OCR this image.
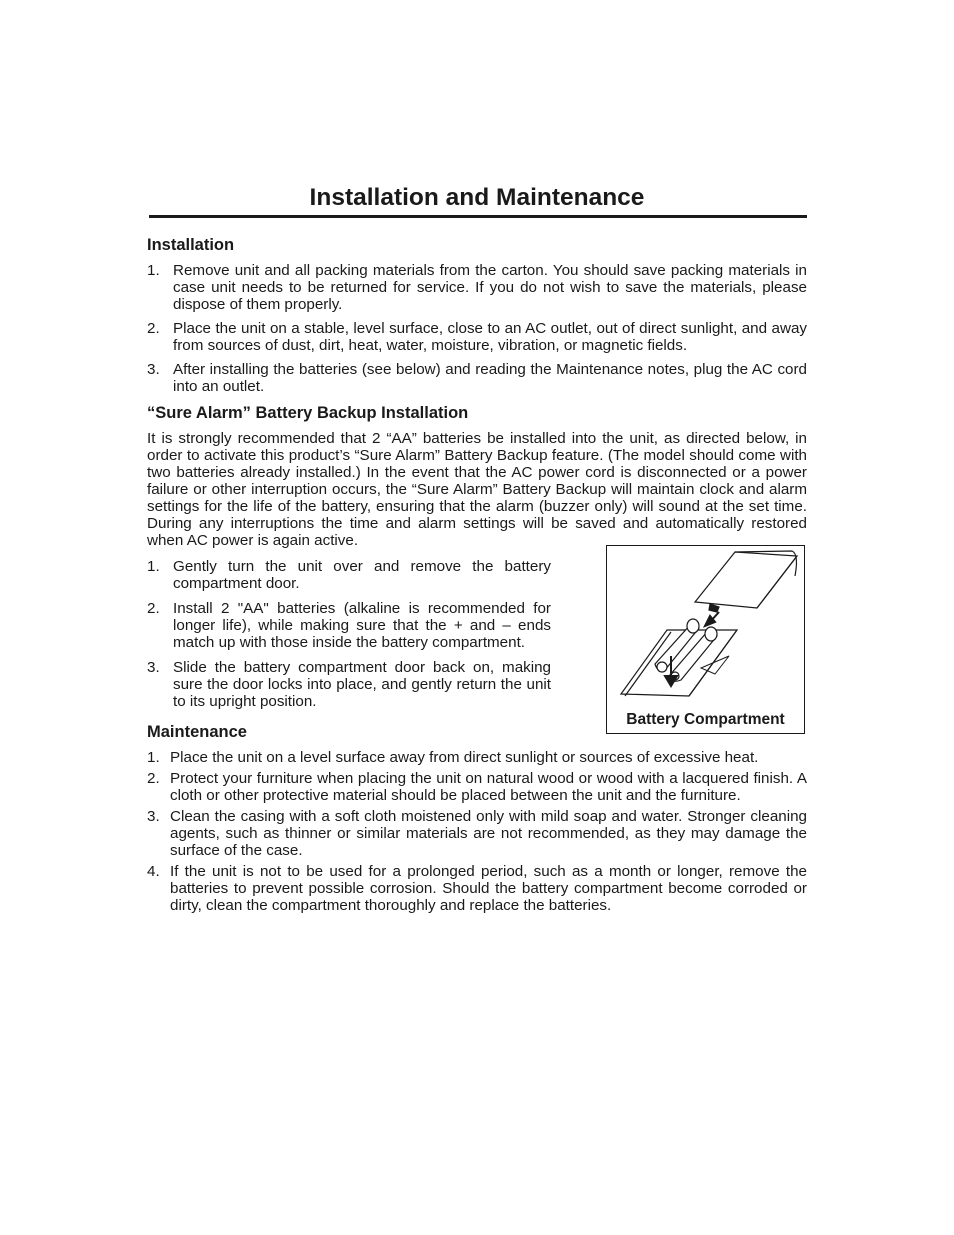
Installation and Maintenance
Installation
1. Remove unit and all packing materials from the carton. You should save packing materials in case unit needs to be returned for service. If you do not wish to save the materials, please dispose of them properly.
2. Place the unit on a stable, level surface, close to an AC outlet, out of direct sunlight, and away from sources of dust, dirt, heat, water, moisture, vibration, or magnetic fields.
3. After installing the batteries (see below) and reading the Maintenance notes, plug the AC cord into an outlet.
“Sure Alarm” Battery Backup Installation

It is strongly recommended that 2 “AA” batteries be installed into the unit, as directed below, in order to activate this product’s “Sure Alarm” Battery Backup feature. (The model should come with two batteries already installed.) In the event that the AC power cord is disconnected or a power failure or other interruption occurs, the “Sure Alarm” Battery Backup will maintain clock and alarm settings for the life of the battery, ensuring that the alarm (buzzer only) will sound at the set time. During any interruptions the time and alarm settings will be saved and automatically restored when AC power is again active.

1. Gently turn the unit over and remove the battery compartment door.
2. Install 2 "AA" batteries (alkaline is recommended for longer life), while making sure that the + and – ends match up with those inside the battery compartment.
3. Slide the battery compartment door back on, making sure the door locks into place, and gently return the unit to its upright position.
Battery Compartment
Maintenance
1. Place the unit on a level surface away from direct sunlight or sources of excessive heat.
2. Protect your furniture when placing the unit on natural wood or wood with a lacquered finish. A cloth or other protective material should be placed between the unit and the furniture.
3. Clean the casing with a soft cloth moistened only with mild soap and water. Stronger cleaning agents, such as thinner or similar materials are not recommended, as they may damage the surface of the case.
4. If the unit is not to be used for a prolonged period, such as a month or longer, remove the batteries to prevent possible corrosion. Should the battery compartment become corroded or dirty, clean the compartment thoroughly and replace the batteries.
